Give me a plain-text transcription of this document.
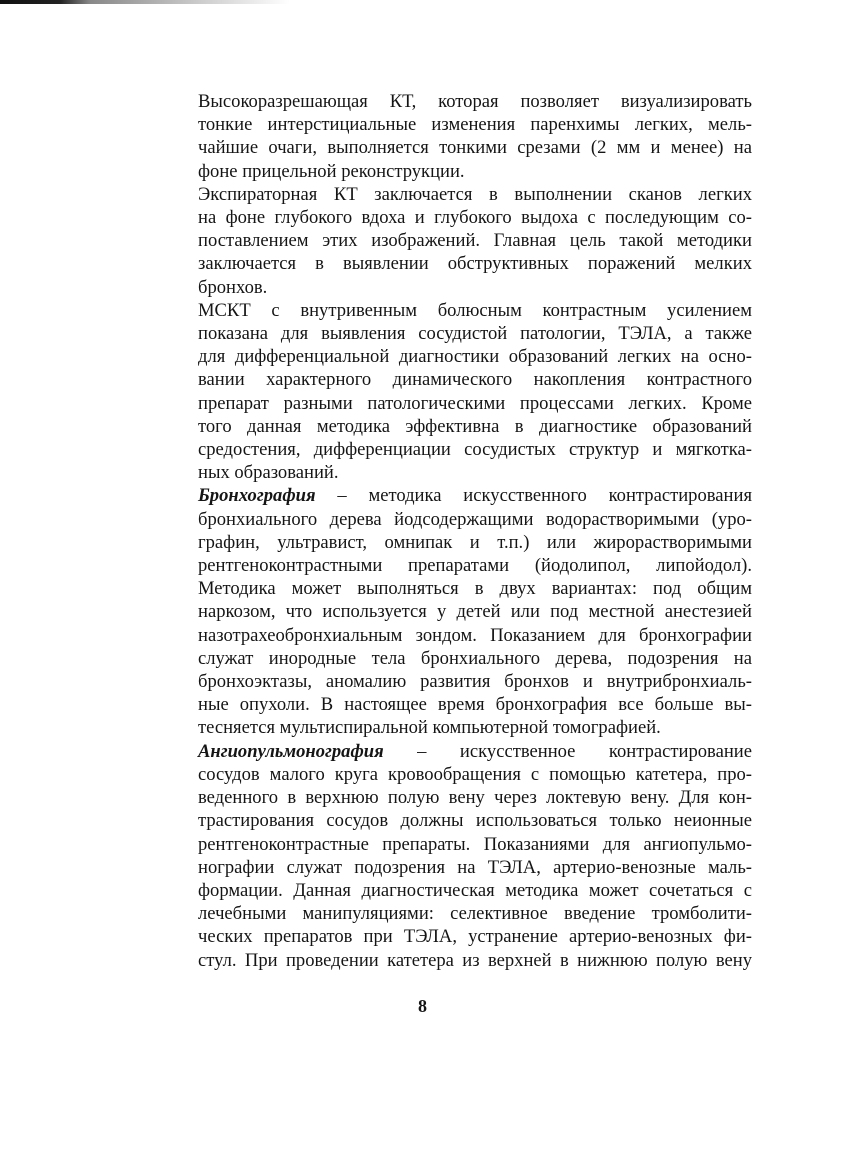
Высокоразрешающая КТ, которая позволяет визуализировать
тонкие интерстициальные изменения паренхимы легких, мель-
чайшие очаги, выполняется тонкими срезами (2 мм и менее) на
фоне прицельной реконструкции.

Экспираторная КТ заключается в выполнении сканов легких
на фоне глубокого вдоха и глубокого выдоха с последующим со-
поставлением этих изображений. Главная цель такой методики
заключается в выявлении обструктивных поражений мелких
бронхов.

МСКТ с внутривенным болюсным контрастным усилением
показана для выявления сосудистой патологии, ТЭЛА, а также
для дифференциальной диагностики образований легких на осно-
вании характерного динамического накопления контрастного
препарат разными патологическими процессами легких. Кроме
того данная методика эффективна в диагностике образований
средостения, дифференциации сосудистых структур и мягкотка-
ных образований.

Бронхография – методика искусственного контрастирования
бронхиального дерева йодсодержащими водорастворимыми (уро-
графин, ультравист, омнипак и т.п.) или жирорастворимыми
рентгеноконтрастными препаратами (йодолипол, липойодол).
Методика может выполняться в двух вариантах: под общим
наркозом, что используется у детей или под местной анестезией
назотрахеобронхиальным зондом. Показанием для бронхографии
служат инородные тела бронхиального дерева, подозрения на
бронхоэктазы, аномалию развития бронхов и внутрибронхиаль-
ные опухоли. В настоящее время бронхография все больше вы-
тесняется мультиспиральной компьютерной томографией.

Ангиопульмонография – искусственное контрастирование
сосудов малого круга кровообращения с помощью катетера, про-
веденного в верхнюю полую вену через локтевую вену. Для кон-
трастирования сосудов должны использоваться только неионные
рентгеноконтрастные препараты. Показаниями для ангиопульмо-
нографии служат подозрения на ТЭЛА, артерио-венозные маль-
формации. Данная диагностическая методика может сочетаться с
лечебными манипуляциями: селективное введение тромболити-
ческих препаратов при ТЭЛА, устранение артерио-венозных фи-
стул. При проведении катетера из верхней в нижнюю полую вену

8
